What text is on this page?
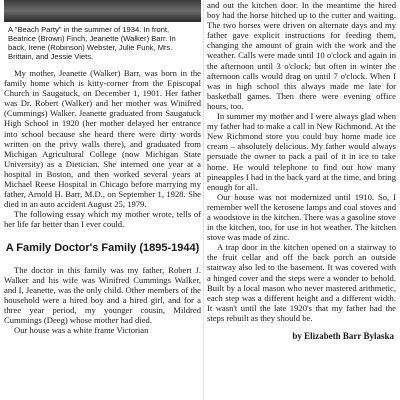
A "Beach Party" in the summer of 1934. In front, Beatrice (Brown) Finch, Jeanette (Walker) Barr. In back, Irene (Robinson) Webster, Julie Funk, Mrs. Brittain, and Jessie Viets.

My mother, Jeanette (Walker) Barr, was born in the family home which is kitty-corner from the Episcopal Church in Saugatuck, on December 1, 1901. Her father was Dr. Robert (Walker) and her mother was Winifred (Cummings) Walker. Jeanette graduated from Saugatuck High School in 1920 (her mother delayed her entrance into school because she heard there were dirty words written on the privy walls there), and graduated from Michigan Agricultural College (now Michigan State University) as a Dietician. She interned one year at a hospital in Boston, and then worked several years at Michael Reese Hospital in Chicago before marrying my father, Arnold H. Barr, M.D., on September 1, 1928. She died in an auto accident August 25, 1979.

The following essay which my mother wrote, tells of her life far better than I ever could.

A Family Doctor's Family (1895-1944)

The doctor in this family was my father, Robert J. Walker and his wife was Winifred Cummings Walker, and I, Jeanette, was the only child. Other members of the household were a hired boy and a hired girl, and for a three year period, my younger cousin, Mildred Cummings (Deeg) whose mother had died.

Our house was a white frame Victorian

and out the kitchen door. In the meantime the hired boy had the horse hitched up to the cutter and waiting. The two horses were driven on alternate days and my father gave explicit instructions for feeding them, changing the amount of grain with the work and the weather. Calls were made until 10 o'clock and again in the afternoon until 3 o'clock; but often in winter the afternoon calls would drag on until 7 o'clock. When I was in high school this always made me late for basketball games. Then there were evening office hours, too.

In summer my mother and I were always glad when my father had to make a call in New Richmond. At the New Richmond store you could buy home made ice cream – absolutely delicious. My father would always persuade the owner to pack a pail of it in ice to take home. He would telephone to find out how many pineapples I had in the back yard at the time, and bring enough for all.

Our house was not modernized until 1910. So, I remember well the kerosene lamps and coal stoves and a woodstove in the kitchen. There was a gasoline stove in the kitchen, too, for use in hot weather. The kitchen stove was made of zinc.

A trap door in the kitchen opened on a stairway to the fruit cellar and off the back porch an outside stairway also led to the basement. It was covered with a hinged cover and the steps were a wonder to behold. Built by a local mason who never mastered arithmetic, each step was a different height and a different width. It wasn't until the late 1920's that my father had the steps rebuilt as they should be.

by Elizabeth Barr Bylaska
